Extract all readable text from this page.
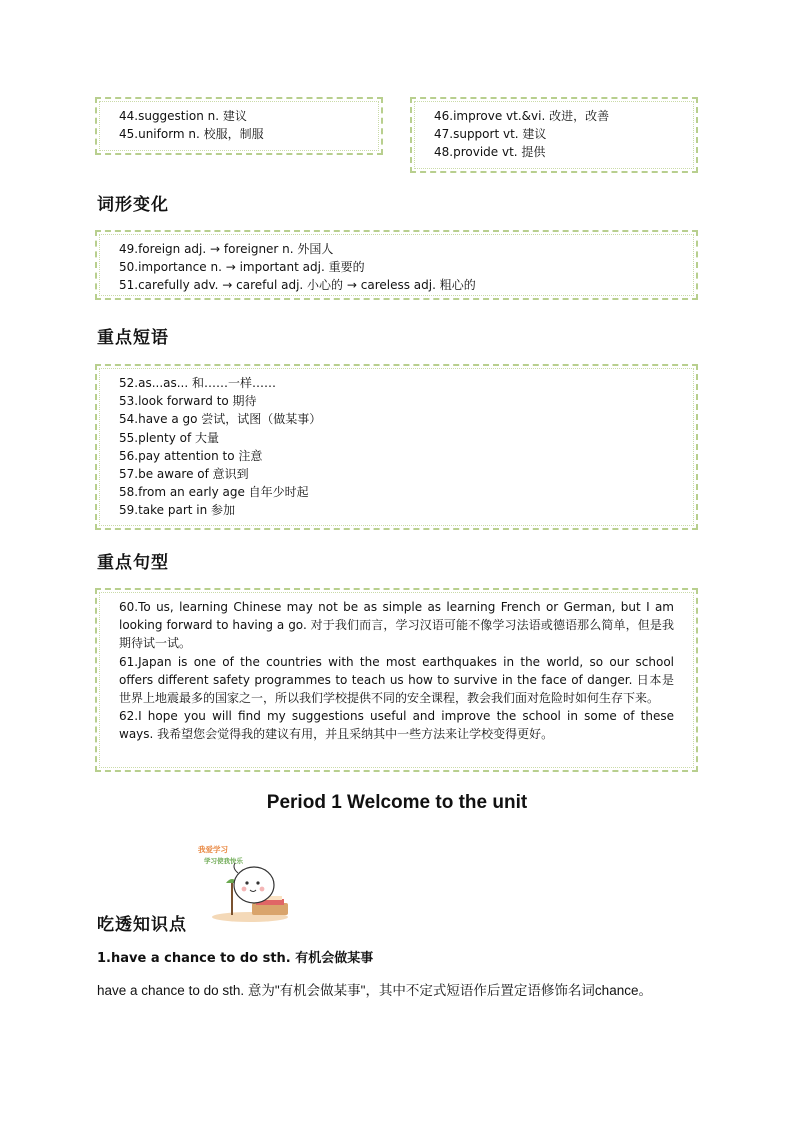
44.suggestion n. 建议
45.uniform n. 校服，制服
46.improve vt.&vi. 改进，改善
47.support vt. 建议
48.provide vt. 提供
词形变化
49.foreign adj. → foreigner n. 外国人
50.importance n. → important adj. 重要的
51.carefully adv. → careful adj. 小心的 → careless adj. 粗心的
重点短语
52.as...as... 和……一样……
53.look forward to 期待
54.have a go 尝试，试图（做某事）
55.plenty of 大量
56.pay attention to 注意
57.be aware of 意识到
58.from an early age 自年少时起
59.take part in 参加
重点句型
60.To us, learning Chinese may not be as simple as learning French or German, but I am looking forward to having a go. 对于我们而言，学习汉语可能不像学习法语或德语那么简单，但是我期待试一试。
61.Japan is one of the countries with the most earthquakes in the world, so our school offers different safety programmes to teach us how to survive in the face of danger. 日本是世界上地震最多的国家之一，所以我们学校提供不同的安全课程，教会我们面对危险时如何生存下来。
62.I hope you will find my suggestions useful and improve the school in some of these ways. 我希望您会觉得我的建议有用，并且采纳其中一些方法来让学校变得更好。
Period 1 Welcome to the unit
我爱学习
学习使我快乐
吃透知识点
1.have a chance to do sth. 有机会做某事
have a chance to do sth. 意为"有机会做某事"，其中不定式短语作后置定语修饰名词chance。
